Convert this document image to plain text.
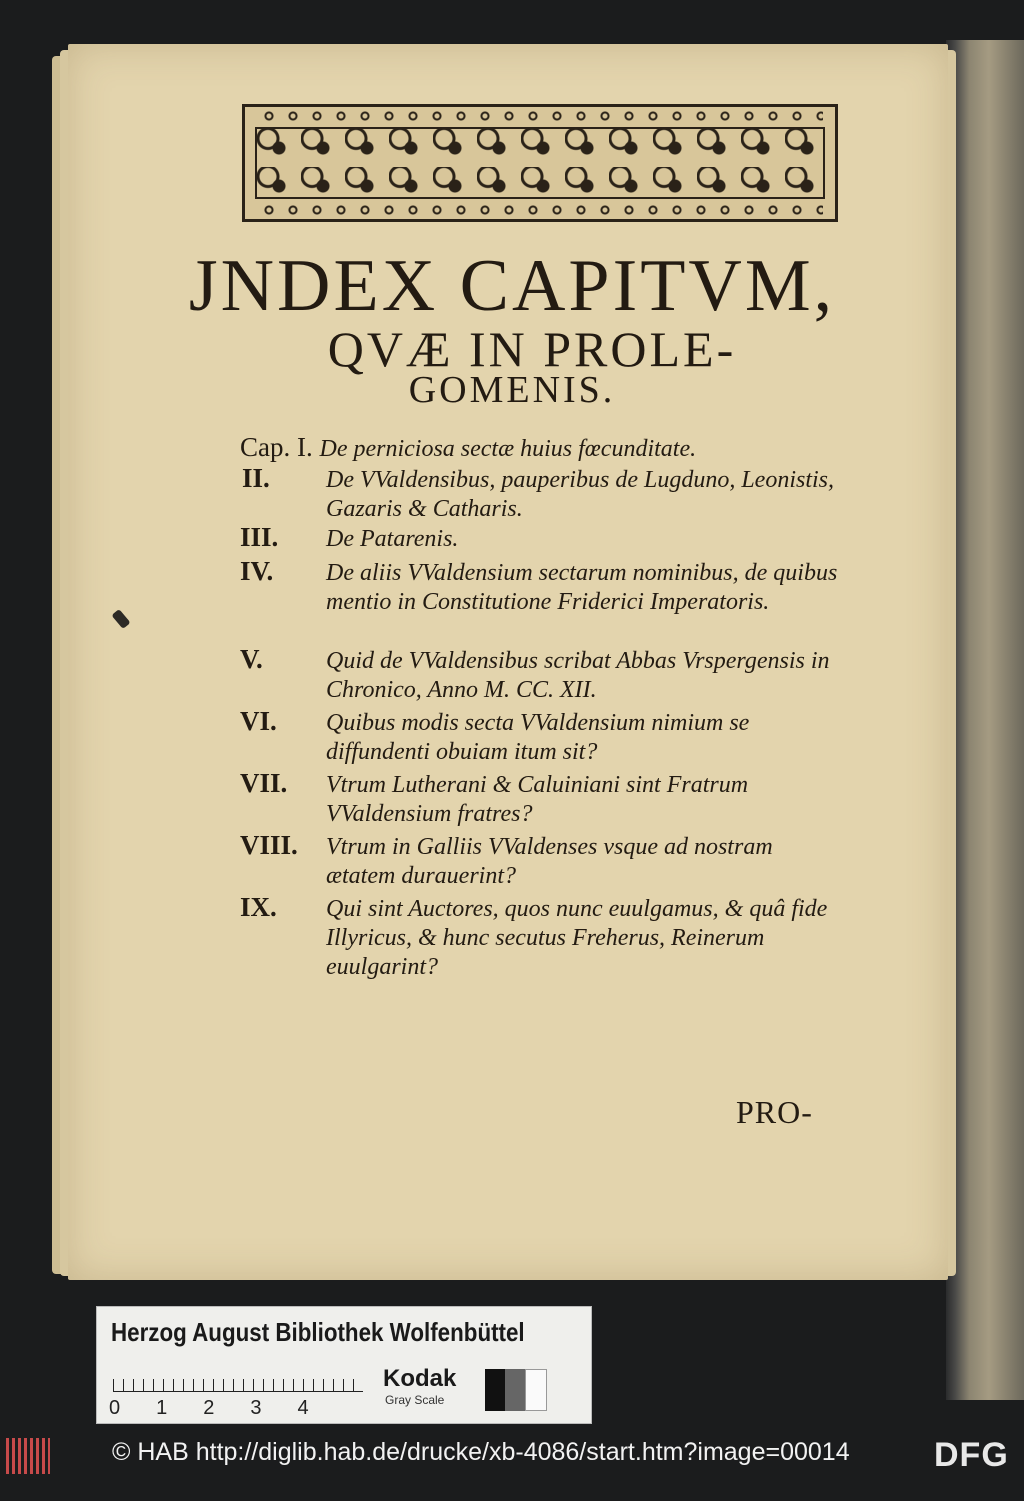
JNDEX CAPITVM,
QVÆ IN PROLE-
GOMENIS.
Cap. I. De perniciosa sectæ huius fœcunditate.
II. De VValdensibus, pauperibus de Lugduno, Leonistis, Gazaris & Catharis.
III. De Patarenis.
IV. De aliis VValdensium sectarum nominibus, de quibus mentio in Constitutione Friderici Imperatoris.
V.	Quid de VValdensibus scribat Abbas Vrspergensis in Chronico, Anno M. CC. XII.
VI. Quibus modis secta VValdensium nimium se diffundenti obuiam itum sit?
VII. Vtrum Lutherani & Caluiniani sint Fratrum VValdensium fratres?
VIII. Vtrum in Galliis VValdenses vsque ad nostram ætatem durauerint?
IX. Qui sint Auctores, quos nunc euulgamus, & quâ fide Illyricus, & hunc secutus Freherus, Reinerum euulgarint?
PRO-
Herzog August Bibliothek Wolfenbüttel
01234
Kodak
Gray Scale
© HAB http://diglib.hab.de/drucke/xb-4086/start.htm?image=00014 DFG
